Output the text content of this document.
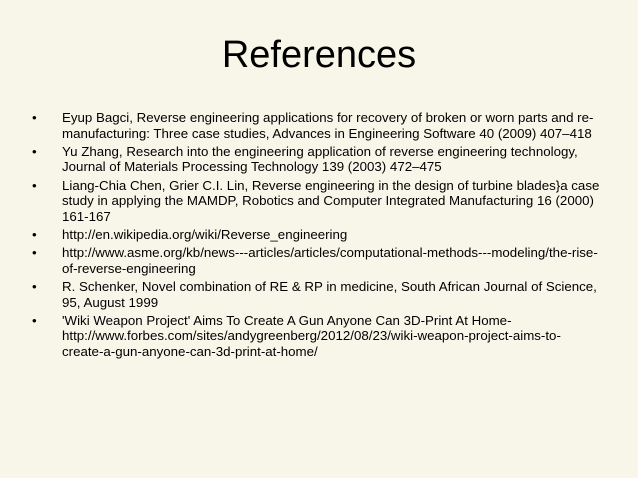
References
•	Eyup Bagci, Reverse engineering applications for recovery of broken or worn parts and re-manufacturing: Three case studies, Advances in Engineering Software 40 (2009) 407–418
•	Yu Zhang, Research into the engineering application of reverse engineering technology, Journal of Materials Processing Technology 139 (2003) 472–475
•	Liang-Chia Chen, Grier C.I. Lin, Reverse engineering in the design of turbine blades}a case study in applying the MAMDP, Robotics and Computer Integrated Manufacturing 16 (2000) 161-167
•	http://en.wikipedia.org/wiki/Reverse_engineering
•	http://www.asme.org/kb/news---articles/articles/computational-methods---modeling/the-rise-of-reverse-engineering
•	R. Schenker, Novel combination of RE & RP in medicine, South African Journal of Science, 95, August 1999
•	'Wiki Weapon Project' Aims To Create A Gun Anyone Can 3D-Print At Home-http://www.forbes.com/sites/andygreenberg/2012/08/23/wiki-weapon-project-aims-to-create-a-gun-anyone-can-3d-print-at-home/
